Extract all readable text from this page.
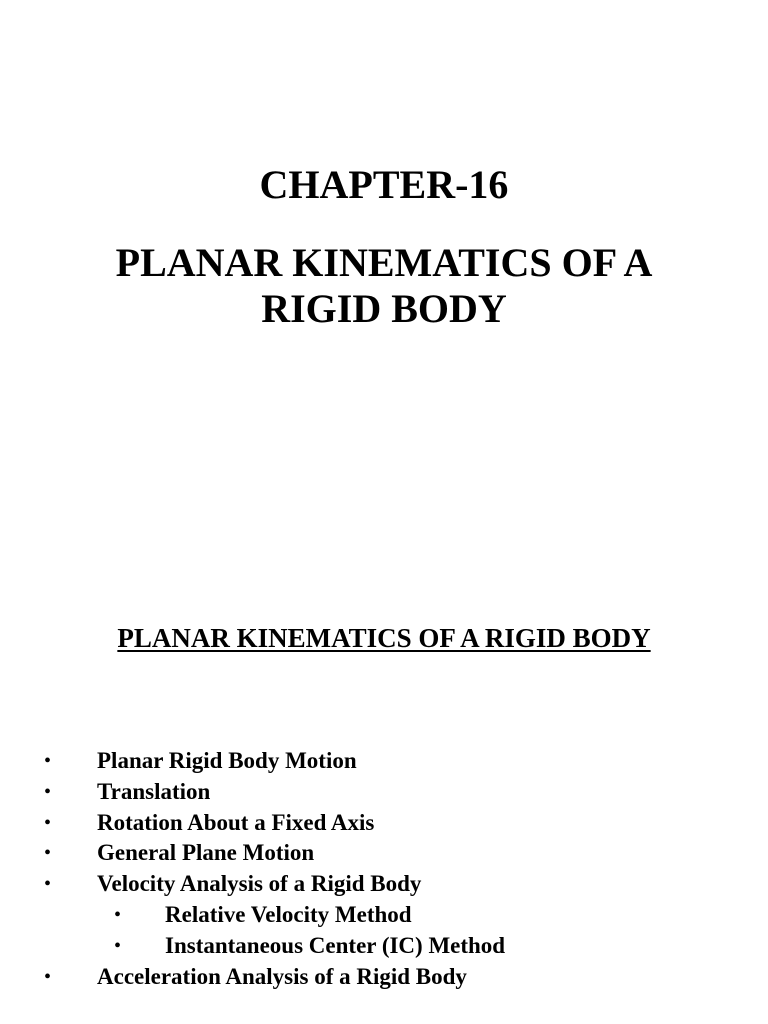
CHAPTER-16
PLANAR KINEMATICS OF A RIGID BODY
PLANAR KINEMATICS OF A RIGID BODY
• Planar Rigid Body Motion
• Translation
• Rotation About a Fixed Axis
• General Plane Motion
• Velocity Analysis of a Rigid Body
• Relative Velocity Method
• Instantaneous Center (IC) Method
• Acceleration Analysis of a Rigid Body
